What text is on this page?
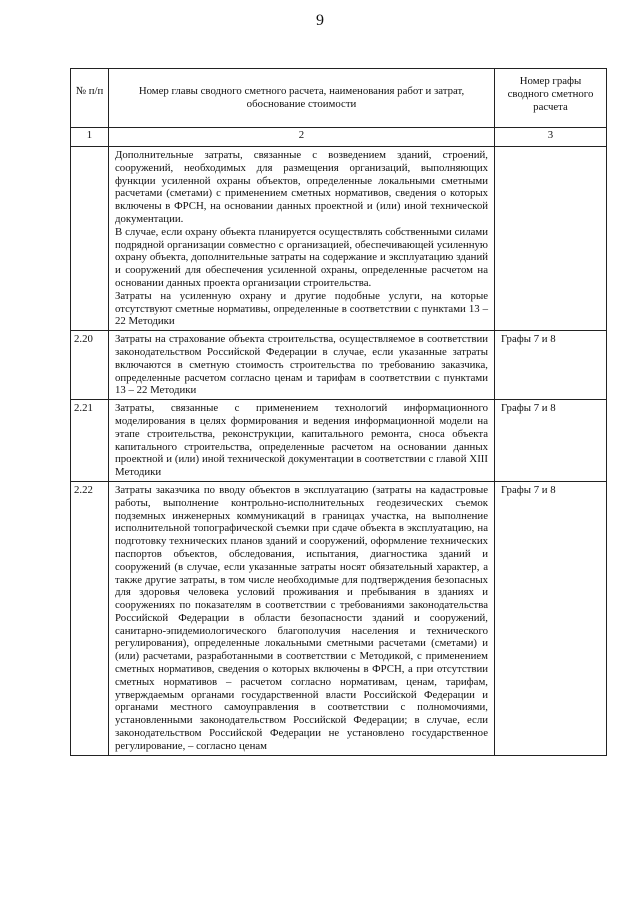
9
№ п/п	Номер главы сводного сметного расчета, наименования работ и затрат, обоснование стоимости	Номер графы сводного сметного расчета
1	2	3

	Дополнительные затраты, связанные с возведением зданий, строений, сооружений, необходимых для размещения организаций, выполняющих функции усиленной охраны объектов, определенные локальными сметными расчетами (сметами) с применением сметных нормативов, сведения о которых включены в ФРСН, на основании данных проектной и (или) иной технической документации.

В случае, если охрану объекта планируется осуществлять собственными силами подрядной организации совместно с организацией, обеспечивающей усиленную охрану объекта, дополнительные затраты на содержание и эксплуатацию зданий и сооружений для обеспечения усиленной охраны, определенные расчетом на основании данных проекта организации строительства.

Затраты на усиленную охрану и другие подобные услуги, на которые отсутствуют сметные нормативы, определенные в соответствии с пунктами 13 – 22 Методики	

2.20	Затраты на страхование объекта строительства, осуществляемое в соответствии законодательством Российской Федерации в случае, если указанные затраты включаются в сметную стоимость строительства по требованию заказчика, определенные расчетом согласно ценам и тарифам в соответствии с пунктами 13 – 22 Методики	Графы 7 и 8
2.21	Затраты, связанные с применением технологий информационного моделирования в целях формирования и ведения информационной модели на этапе строительства, реконструкции, капитального ремонта, сноса объекта капитального строительства, определенные расчетом на основании данных проектной и (или) иной технической документации в соответствии с главой XIII Методики	Графы 7 и 8
2.22	Затраты заказчика по вводу объектов в эксплуатацию (затраты на кадастровые работы, выполнение контрольно-исполнительных геодезических съемок подземных инженерных коммуникаций в границах участка, на выполнение исполнительной топографической съемки при сдаче объекта в эксплуатацию, на подготовку технических планов зданий и сооружений, оформление технических паспортов объектов, обследования, испытания, диагностика зданий и сооружений (в случае, если указанные затраты носят обязательный характер, а также другие затраты, в том числе необходимые для подтверждения безопасных для здоровья человека условий проживания и пребывания в зданиях и сооружениях по показателям в соответствии с требованиями законодательства Российской Федерации в области безопасности зданий и сооружений, санитарно-эпидемиологического благополучия населения и технического регулирования), определенные локальными сметными расчетами (сметами) и (или) расчетами, разработанными в соответствии с Методикой, с применением сметных нормативов, сведения о которых включены в ФРСН, а при отсутствии сметных нормативов – расчетом согласно нормативам, ценам, тарифам, утверждаемым органами государственной власти Российской Федерации и органами местного самоуправления в соответствии с полномочиями, установленными законодательством Российской Федерации; в случае, если законодательством Российской Федерации не установлено государственное регулирование, – согласно ценам	Графы 7 и 8
